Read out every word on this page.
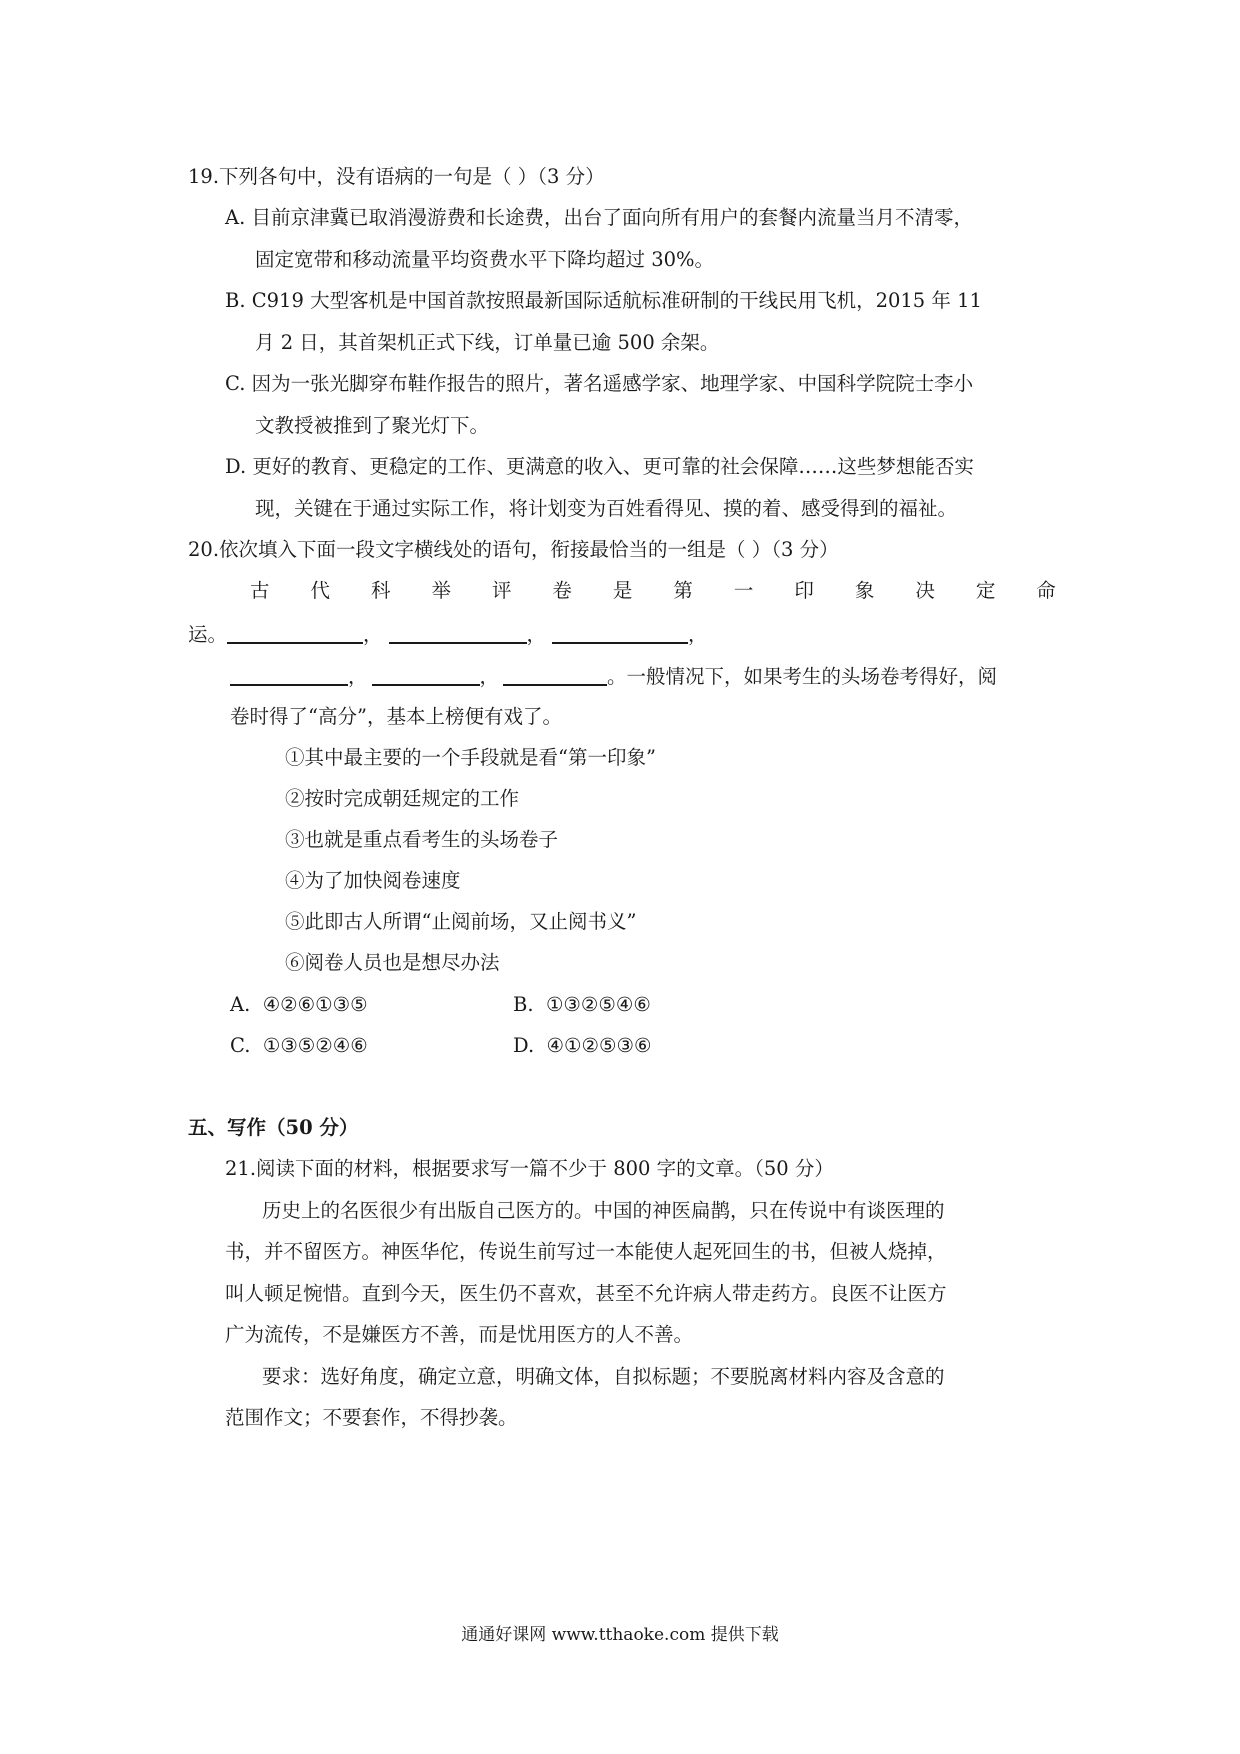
19.下列各句中，没有语病的一句是（ ）（3 分）
A. 目前京津冀已取消漫游费和长途费，出台了面向所有用户的套餐内流量当月不清零，
固定宽带和移动流量平均资费水平下降均超过 30%。
B. C919 大型客机是中国首款按照最新国际适航标准研制的干线民用飞机，2015 年 11
月 2 日，其首架机正式下线，订单量已逾 500 余架。
C. 因为一张光脚穿布鞋作报告的照片，著名遥感学家、地理学家、中国科学院院士李小
文教授被推到了聚光灯下。
D. 更好的教育、更稳定的工作、更满意的收入、更可靠的社会保障……这些梦想能否实
现，关键在于通过实际工作，将计划变为百姓看得见、摸的着、感受得到的福祉。
20.依次填入下面一段文字横线处的语句，衔接最恰当的一组是（ ）（3 分）
古 代 科 举 评 卷 是 第 一 印 象 决 定 命
运。	，	，	，
，	，	。一般情况下，如果考生的头场卷考得好，阅
卷时得了“高分”，基本上榜便有戏了。
①其中最主要的一个手段就是看“第一印象”
②按时完成朝廷规定的工作
③也就是重点看考生的头场卷子
④为了加快阅卷速度
⑤此即古人所谓“止阅前场，又止阅书义”
⑥阅卷人员也是想尽办法
A. ④②⑥①③⑤	B. ①③②⑤④⑥
C. ①③⑤②④⑥	D. ④①②⑤③⑥
五、写作（50 分）
21.阅读下面的材料，根据要求写一篇不少于 800 字的文章。（50 分）
历史上的名医很少有出版自己医方的。中国的神医扁鹊，只在传说中有谈医理的
书，并不留医方。神医华佗，传说生前写过一本能使人起死回生的书，但被人烧掉，
叫人顿足惋惜。直到今天，医生仍不喜欢，甚至不允许病人带走药方。良医不让医方
广为流传，不是嫌医方不善，而是忧用医方的人不善。
要求：选好角度，确定立意，明确文体，自拟标题；不要脱离材料内容及含意的
范围作文；不要套作，不得抄袭。
通通好课网 www.tthaoke.com 提供下载
